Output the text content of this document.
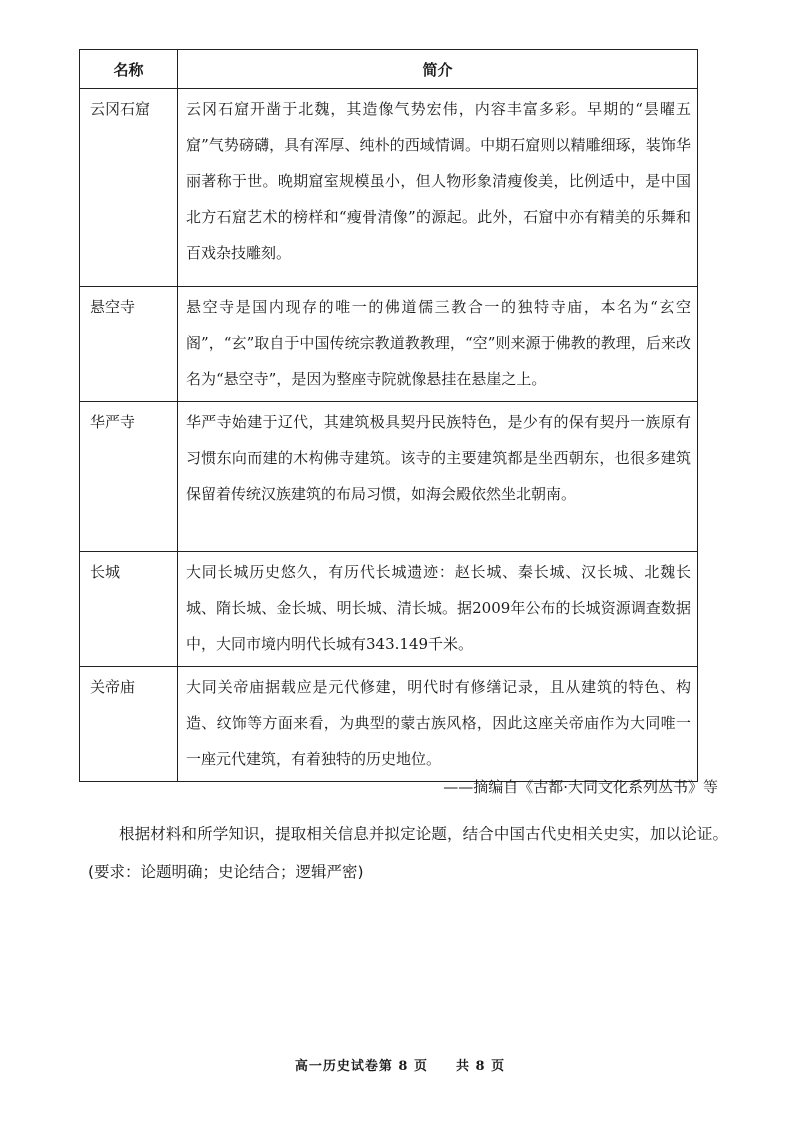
名称	简介
云冈石窟	云冈石窟开凿于北魏，其造像气势宏伟，内容丰富多彩。早期的“昙曜五窟”气势磅礴，具有浑厚、纯朴的西域情调。中期石窟则以精雕细琢，装饰华丽著称于世。晚期窟室规模虽小，但人物形象清瘦俊美，比例适中，是中国北方石窟艺术的榜样和“瘦骨清像”的源起。此外，石窟中亦有精美的乐舞和百戏杂技雕刻。
悬空寺	悬空寺是国内现存的唯一的佛道儒三教合一的独特寺庙，本名为“玄空阁”，“玄”取自于中国传统宗教道教教理，“空”则来源于佛教的教理，后来改名为“悬空寺”，是因为整座寺院就像悬挂在悬崖之上。
华严寺	华严寺始建于辽代，其建筑极具契丹民族特色，是少有的保有契丹一族原有习惯东向而建的木构佛寺建筑。该寺的主要建筑都是坐西朝东，也很多建筑保留着传统汉族建筑的布局习惯，如海会殿依然坐北朝南。
长城	大同长城历史悠久，有历代长城遗迹：赵长城、秦长城、汉长城、北魏长城、隋长城、金长城、明长城、清长城。据2009年公布的长城资源调查数据中，大同市境内明代长城有343.149千米。
关帝庙	大同关帝庙据载应是元代修建，明代时有修缮记录，且从建筑的特色、构造、纹饰等方面来看，为典型的蒙古族风格，因此这座关帝庙作为大同唯一一座元代建筑，有着独特的历史地位。
——摘编自《古都·大同文化系列丛书》等

根据材料和所学知识，提取相关信息并拟定论题，结合中国古代史相关史实，加以论证。(要求：论题明确；史论结合；逻辑严密)

高一历史试卷第 8 页　　共 8 页
